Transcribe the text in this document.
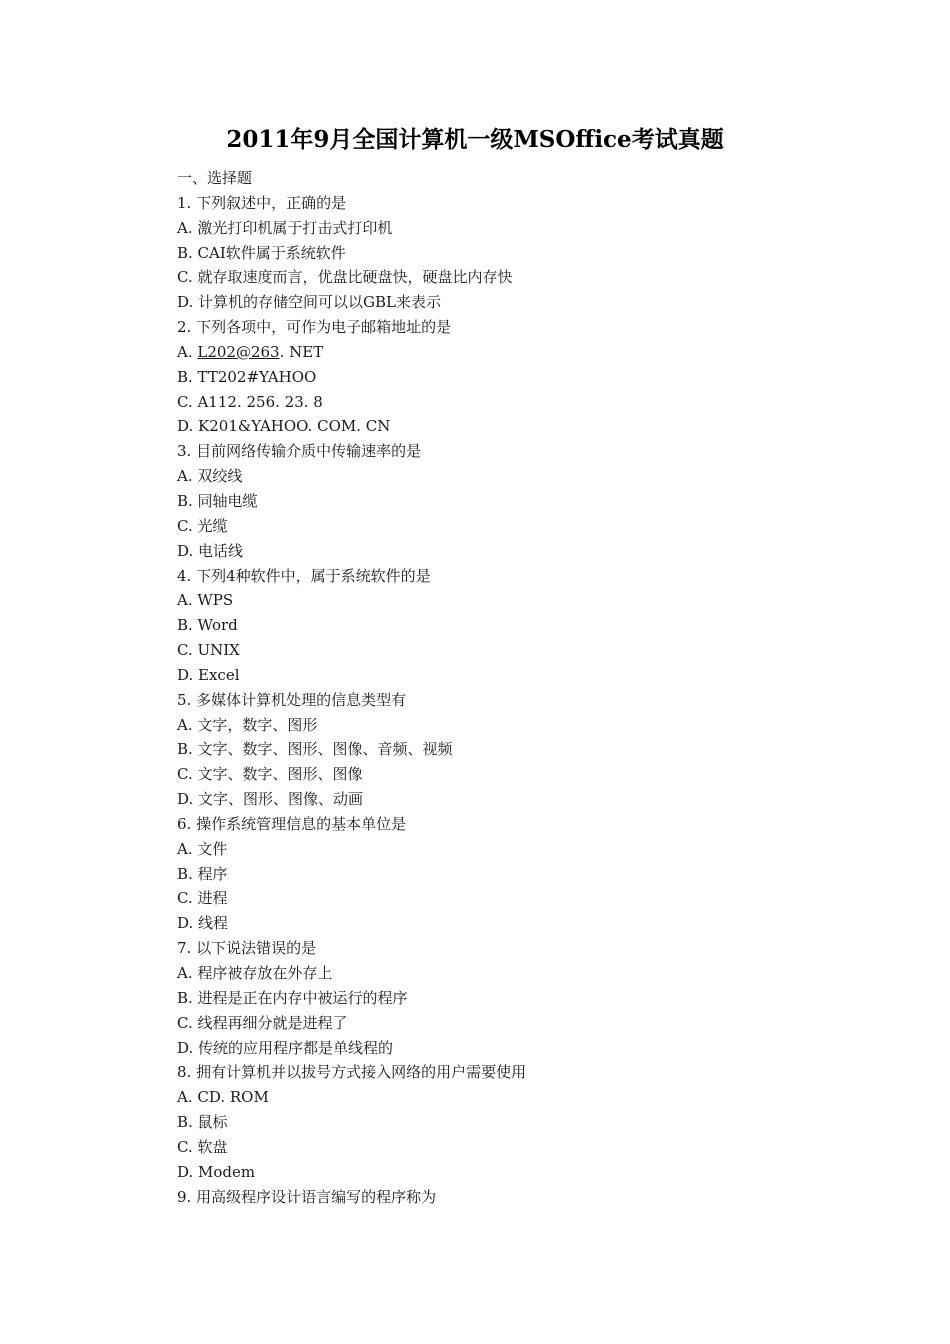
2011年9月全国计算机一级MSOffice考试真题
一、选择题
1. 下列叙述中，正确的是
A. 激光打印机属于打击式打印机
B. CAI软件属于系统软件
C. 就存取速度而言，优盘比硬盘快，硬盘比内存快
D. 计算机的存储空间可以以GBL来表示
2. 下列各项中，可作为电子邮箱地址的是
A. L202@263. NET
B. TT202#YAHOO
C. A112. 256. 23. 8
D. K201&YAHOO. COM. CN
3. 目前网络传输介质中传输速率的是
A. 双绞线
B. 同轴电缆
C. 光缆
D. 电话线
4. 下列4种软件中，属于系统软件的是
A. WPS
B. Word
C. UNIX
D. Excel
5. 多媒体计算机处理的信息类型有
A. 文字，数字、图形
B. 文字、数字、图形、图像、音频、视频
C. 文字、数字、图形、图像
D. 文字、图形、图像、动画
6. 操作系统管理信息的基本单位是
A. 文件
B. 程序
C. 进程
D. 线程
7. 以下说法错误的是
A. 程序被存放在外存上
B. 进程是正在内存中被运行的程序
C. 线程再细分就是进程了
D. 传统的应用程序都是单线程的
8. 拥有计算机并以拔号方式接入网络的用户需要使用
A. CD. ROM
B. 鼠标
C. 软盘
D. Modem
9. 用高级程序设计语言编写的程序称为
